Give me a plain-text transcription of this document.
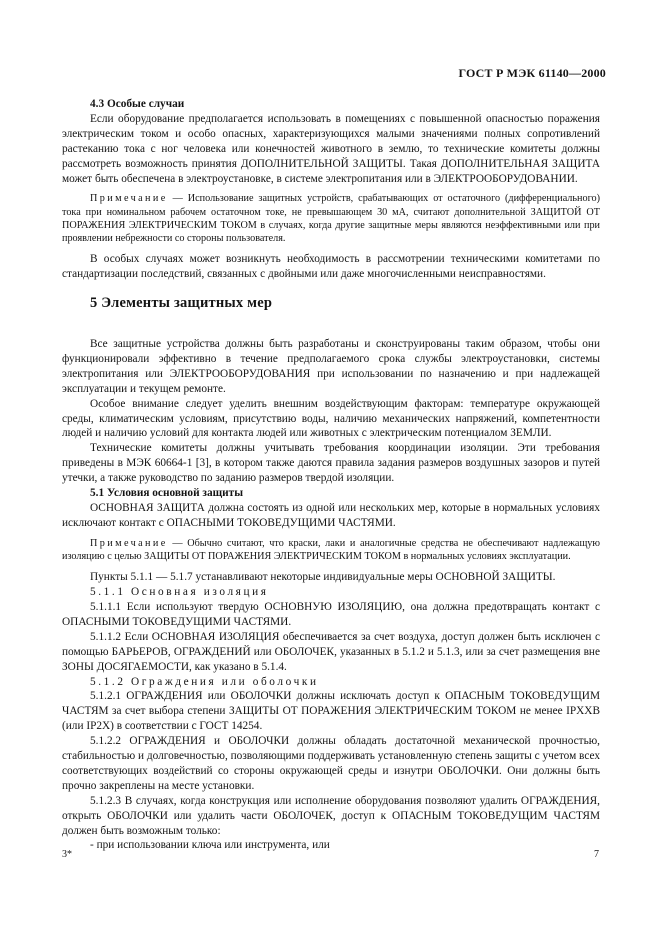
ГОСТ Р МЭК 61140—2000
4.3 Особые случаи

Если оборудование предполагается использовать в помещениях с повышенной опасностью поражения электрическим током и особо опасных, характеризующихся малыми значениями полных сопротивлений растеканию тока с ног человека или конечностей животного в землю, то технические комитеты должны рассмотреть возможность принятия ДОПОЛНИТЕЛЬНОЙ ЗАЩИТЫ. Такая ДОПОЛНИТЕЛЬНАЯ ЗАЩИТА может быть обеспечена в электроустановке, в системе электропитания или в ЭЛЕКТРООБОРУДОВАНИИ.

Примечание — Использование защитных устройств, срабатывающих от остаточного (дифференциального) тока при номинальном рабочем остаточном токе, не превышающем 30 мА, считают дополнительной ЗАЩИТОЙ ОТ ПОРАЖЕНИЯ ЭЛЕКТРИЧЕСКИМ ТОКОМ в случаях, когда другие защитные меры являются неэффективными или при проявлении небрежности со стороны пользователя.

В особых случаях может возникнуть необходимость в рассмотрении техническими комитетами по стандартизации последствий, связанных с двойными или даже многочисленными неисправностями.

5 Элементы защитных мер

Все защитные устройства должны быть разработаны и сконструированы таким образом, чтобы они функционировали эффективно в течение предполагаемого срока службы электроустановки, системы электропитания или ЭЛЕКТРООБОРУДОВАНИЯ при использовании по назначению и при надлежащей эксплуатации и текущем ремонте.

Особое внимание следует уделить внешним воздействующим факторам: температуре окружающей среды, климатическим условиям, присутствию воды, наличию механических напряжений, компетентности людей и наличию условий для контакта людей или животных с электрическим потенциалом ЗЕМЛИ.

Технические комитеты должны учитывать требования координации изоляции. Эти требования приведены в МЭК 60664-1 [3], в котором также даются правила задания размеров воздушных зазоров и путей утечки, а также руководство по заданию размеров твердой изоляции.

5.1 Условия основной защиты

ОСНОВНАЯ ЗАЩИТА должна состоять из одной или нескольких мер, которые в нормальных условиях исключают контакт с ОПАСНЫМИ ТОКОВЕДУЩИМИ ЧАСТЯМИ.

Примечание — Обычно считают, что краски, лаки и аналогичные средства не обеспечивают надлежащую изоляцию с целью ЗАЩИТЫ ОТ ПОРАЖЕНИЯ ЭЛЕКТРИЧЕСКИМ ТОКОМ в нормальных условиях эксплуатации.

Пункты 5.1.1 — 5.1.7 устанавливают некоторые индивидуальные меры ОСНОВНОЙ ЗАЩИТЫ.

5.1.1 Основная изоляция

5.1.1.1 Если используют твердую ОСНОВНУЮ ИЗОЛЯЦИЮ, она должна предотвращать контакт с ОПАСНЫМИ ТОКОВЕДУЩИМИ ЧАСТЯМИ.

5.1.1.2 Если ОСНОВНАЯ ИЗОЛЯЦИЯ обеспечивается за счет воздуха, доступ должен быть исключен с помощью БАРЬЕРОВ, ОГРАЖДЕНИЙ или ОБОЛОЧЕК, указанных в 5.1.2 и 5.1.3, или за счет размещения вне ЗОНЫ ДОСЯГАЕМОСТИ, как указано в 5.1.4.

5.1.2 Ограждения или оболочки

5.1.2.1 ОГРАЖДЕНИЯ или ОБОЛОЧКИ должны исключать доступ к ОПАСНЫМ ТОКОВЕДУЩИМ ЧАСТЯМ за счет выбора степени ЗАЩИТЫ ОТ ПОРАЖЕНИЯ ЭЛЕКТРИЧЕСКИМ ТОКОМ не менее IPXXB (или IP2X) в соответствии с ГОСТ 14254.

5.1.2.2 ОГРАЖДЕНИЯ и ОБОЛОЧКИ должны обладать достаточной механической прочностью, стабильностью и долговечностью, позволяющими поддерживать установленную степень защиты с учетом всех соответствующих воздействий со стороны окружающей среды и изнутри ОБОЛОЧКИ. Они должны быть прочно закреплены на месте установки.

5.1.2.3 В случаях, когда конструкция или исполнение оборудования позволяют удалить ОГРАЖДЕНИЯ, открыть ОБОЛОЧКИ или удалить части ОБОЛОЧЕК, доступ к ОПАСНЫМ ТОКОВЕДУЩИМ ЧАСТЯМ должен быть возможным только:

- при использовании ключа или инструмента, или

3*	7
